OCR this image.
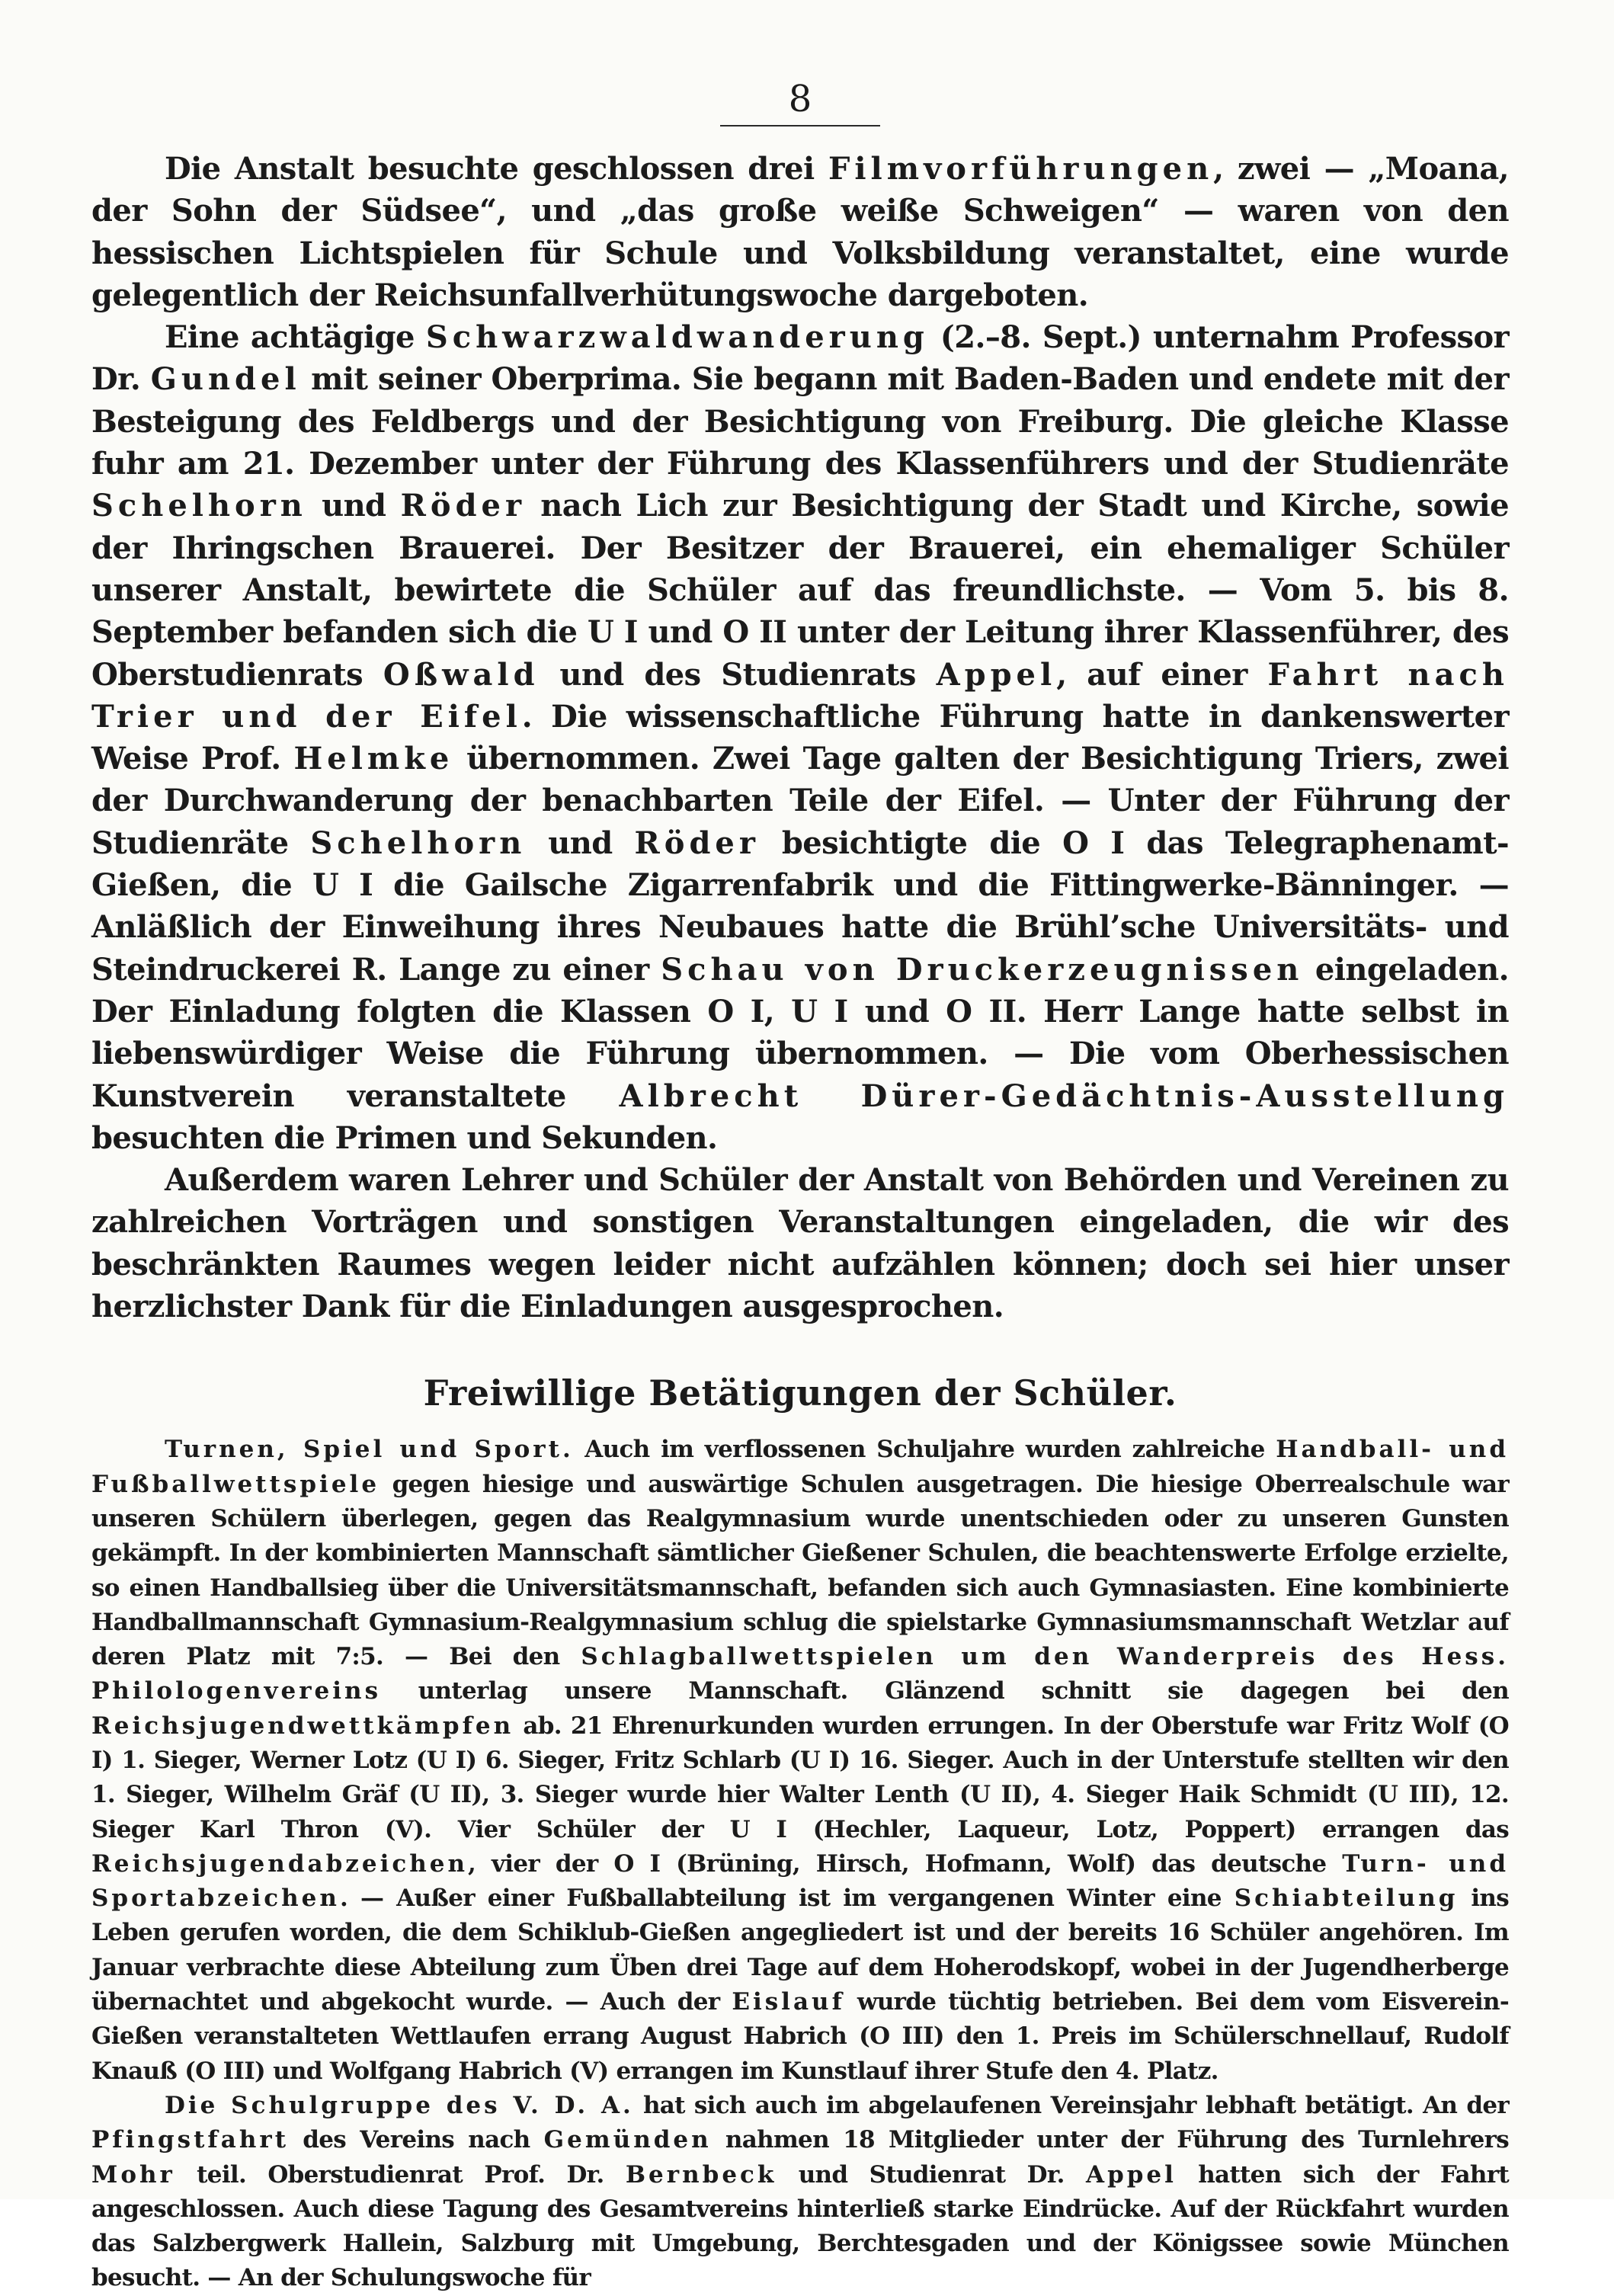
8

Die Anstalt besuchte geschlossen drei Filmvorführungen, zwei — „Moana, der Sohn der Südsee“, und „das große weiße Schweigen“ — waren von den hessischen Lichtspielen für Schule und Volksbildung veranstaltet, eine wurde gelegentlich der Reichsunfallverhütungswoche dargeboten.

Eine achtägige Schwarzwaldwanderung (2.–8. Sept.) unternahm Professor Dr. Gundel mit seiner Oberprima. Sie begann mit Baden-Baden und endete mit der Besteigung des Feldbergs und der Besichtigung von Freiburg. Die gleiche Klasse fuhr am 21. Dezember unter der Führung des Klassenführers und der Studienräte Schelhorn und Röder nach Lich zur Besichtigung der Stadt und Kirche, sowie der Ihringschen Brauerei. Der Besitzer der Brauerei, ein ehemaliger Schüler unserer Anstalt, bewirtete die Schüler auf das freundlichste. — Vom 5. bis 8. September befanden sich die U I und O II unter der Leitung ihrer Klassenführer, des Oberstudienrats Oßwald und des Studienrats Appel, auf einer Fahrt nach Trier und der Eifel. Die wissenschaftliche Führung hatte in dankenswerter Weise Prof. Helmke übernommen. Zwei Tage galten der Besichtigung Triers, zwei der Durchwanderung der benachbarten Teile der Eifel. — Unter der Führung der Studienräte Schelhorn und Röder besichtigte die O I das Telegraphenamt-Gießen, die U I die Gailsche Zigarrenfabrik und die Fittingwerke-Bänninger. — Anläßlich der Einweihung ihres Neubaues hatte die Brühl’sche Universitäts- und Steindruckerei R. Lange zu einer Schau von Druckerzeugnissen eingeladen. Der Einladung folgten die Klassen O I, U I und O II. Herr Lange hatte selbst in liebenswürdiger Weise die Führung übernommen. — Die vom Oberhessischen Kunstverein veranstaltete Albrecht Dürer-Gedächtnis-Ausstellung besuchten die Primen und Sekunden.

Außerdem waren Lehrer und Schüler der Anstalt von Behörden und Vereinen zu zahlreichen Vorträgen und sonstigen Veranstaltungen eingeladen, die wir des beschränkten Raumes wegen leider nicht aufzählen können; doch sei hier unser herzlichster Dank für die Einladungen ausgesprochen.

Freiwillige Betätigungen der Schüler.

Turnen, Spiel und Sport. Auch im verflossenen Schuljahre wurden zahlreiche Handball- und Fußballwettspiele gegen hiesige und auswärtige Schulen ausgetragen. Die hiesige Oberrealschule war unseren Schülern überlegen, gegen das Realgymnasium wurde unentschieden oder zu unseren Gunsten gekämpft. In der kombinierten Mannschaft sämtlicher Gießener Schulen, die beachtenswerte Erfolge erzielte, so einen Handballsieg über die Universitätsmannschaft, befanden sich auch Gymnasiasten. Eine kombinierte Handballmannschaft Gymnasium-Realgymnasium schlug die spielstarke Gymnasiumsmannschaft Wetzlar auf deren Platz mit 7:5. — Bei den Schlagballwettspielen um den Wanderpreis des Hess. Philologenvereins unterlag unsere Mannschaft. Glänzend schnitt sie dagegen bei den Reichsjugendwettkämpfen ab. 21 Ehrenurkunden wurden errungen. In der Oberstufe war Fritz Wolf (O I) 1. Sieger, Werner Lotz (U I) 6. Sieger, Fritz Schlarb (U I) 16. Sieger. Auch in der Unterstufe stellten wir den 1. Sieger, Wilhelm Gräf (U II), 3. Sieger wurde hier Walter Lenth (U II), 4. Sieger Haik Schmidt (U III), 12. Sieger Karl Thron (V). Vier Schüler der U I (Hechler, Laqueur, Lotz, Poppert) errangen das Reichsjugendabzeichen, vier der O I (Brüning, Hirsch, Hofmann, Wolf) das deutsche Turn- und Sportabzeichen. — Außer einer Fußballabteilung ist im vergangenen Winter eine Schiabteilung ins Leben gerufen worden, die dem Schiklub-Gießen angegliedert ist und der bereits 16 Schüler angehören. Im Januar verbrachte diese Abteilung zum Üben drei Tage auf dem Hoherodskopf, wobei in der Jugendherberge übernachtet und abgekocht wurde. — Auch der Eislauf wurde tüchtig betrieben. Bei dem vom Eisverein-Gießen veranstalteten Wettlaufen errang August Habrich (O III) den 1. Preis im Schülerschnellauf, Rudolf Knauß (O III) und Wolfgang Habrich (V) errangen im Kunstlauf ihrer Stufe den 4. Platz.

Die Schulgruppe des V. D. A. hat sich auch im abgelaufenen Vereinsjahr lebhaft betätigt. An der Pfingstfahrt des Vereins nach Gemünden nahmen 18 Mitglieder unter der Führung des Turnlehrers Mohr teil. Oberstudienrat Prof. Dr. Bernbeck und Studienrat Dr. Appel hatten sich der Fahrt angeschlossen. Auch diese Tagung des Gesamtvereins hinterließ starke Eindrücke. Auf der Rückfahrt wurden das Salzbergwerk Hallein, Salzburg mit Umgebung, Berchtesgaden und der Königssee sowie München besucht. — An der Schulungswoche für
